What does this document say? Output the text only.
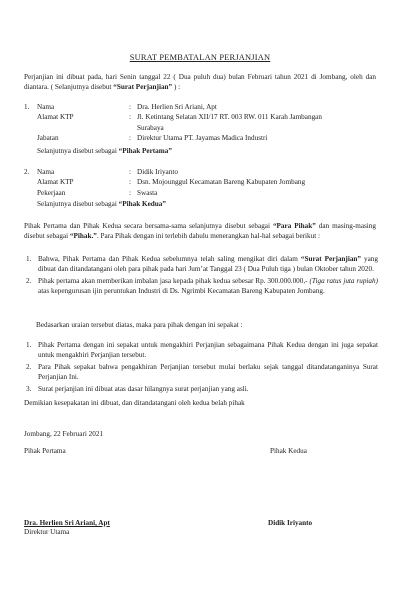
SURAT PEMBATALAN PERJANJIAN

Perjanjian ini dibuat pada, hari Senin tanggal 22 ( Dua puluh dua) bulan Februari tahun 2021 di Jombang, oleh dan diantara. ( Selanjutnya disebut “Surat Perjanjian” ) :

1. Nama	: Dra. Herlien Sri Ariani, Apt
Alamat KTP	: Jl. Ketintang Selatan XII/17 RT. 003 RW. 011 Karah Jambangan Surabaya
Jabatan	: Direktur Utama PT. Jayamas Madica Industri
Selanjutnya disebut sebagai “Pihak Pertama”
2. Nama	: Didik Iriyanto
Alamat KTP	: Dsn. Mojounggul Kecamatan Bareng Kabupaten Jombang
Pekerjaan	: Swasta
Selanjutnya disebut sebagai “Pihak Kedua”

Pihak Pertama dan Pihak Kedua secara bersama-sama selanjutnya disebut sebagai “Para Pihak” dan masing-masing disebut sebagai “Pihak.”. Para Pihak dengan ini terlebih dahulu menerangkan hal-hal sebagai berikut :

1. Bahwa, Pihak Pertama dan Pihak Kedua sebelumnya telah saling mengikat diri dalam “Surat Perjanjian” yang dibuat dan ditandatangani oleh para pihak pada hari Jum’at Tanggal 23 ( Dua Puluh tiga ) bulan Oktober tahun 2020.
2. Pihak pertama akan memberikan imbalan jasa kepada pihak kedua sebesar Rp. 300.000.000,- (Tiga ratus juta rupiah) atas kepengurusan ijin peruntukan Industri di Ds. Ngrimbi Kecamatan Bareng Kabupaten Jombang.

Bedasarkan uraian tersebut diatas, maka para pihak dengan ini sepakat :

1. Pihak Pertama dengan ini sepakat untuk mengakhiri Perjanjian sebagaimana Pihak Kedua dengan ini juga sepakat untuk mengakhiri Perjanjian tersebut.
2. Para Pihak sepakat bahwa pengakhiran Perjanjian tersebut mulai berlaku sejak tanggal ditandatanganinya Surat Perjanjian Ini.
3. Surat perjanjian ini dibuat atas dasar hilangnya surat perjanjian yang asli.

Demikian kesepakatan ini dibuat, dan ditandatangani oleh kedua belah pihak

Jombang, 22 Februari 2021

Pihak Pertama	Pihak Kedua

Dra. Herlien Sri Ariani, Apt
Direktur Utama
Didik Iriyanto
